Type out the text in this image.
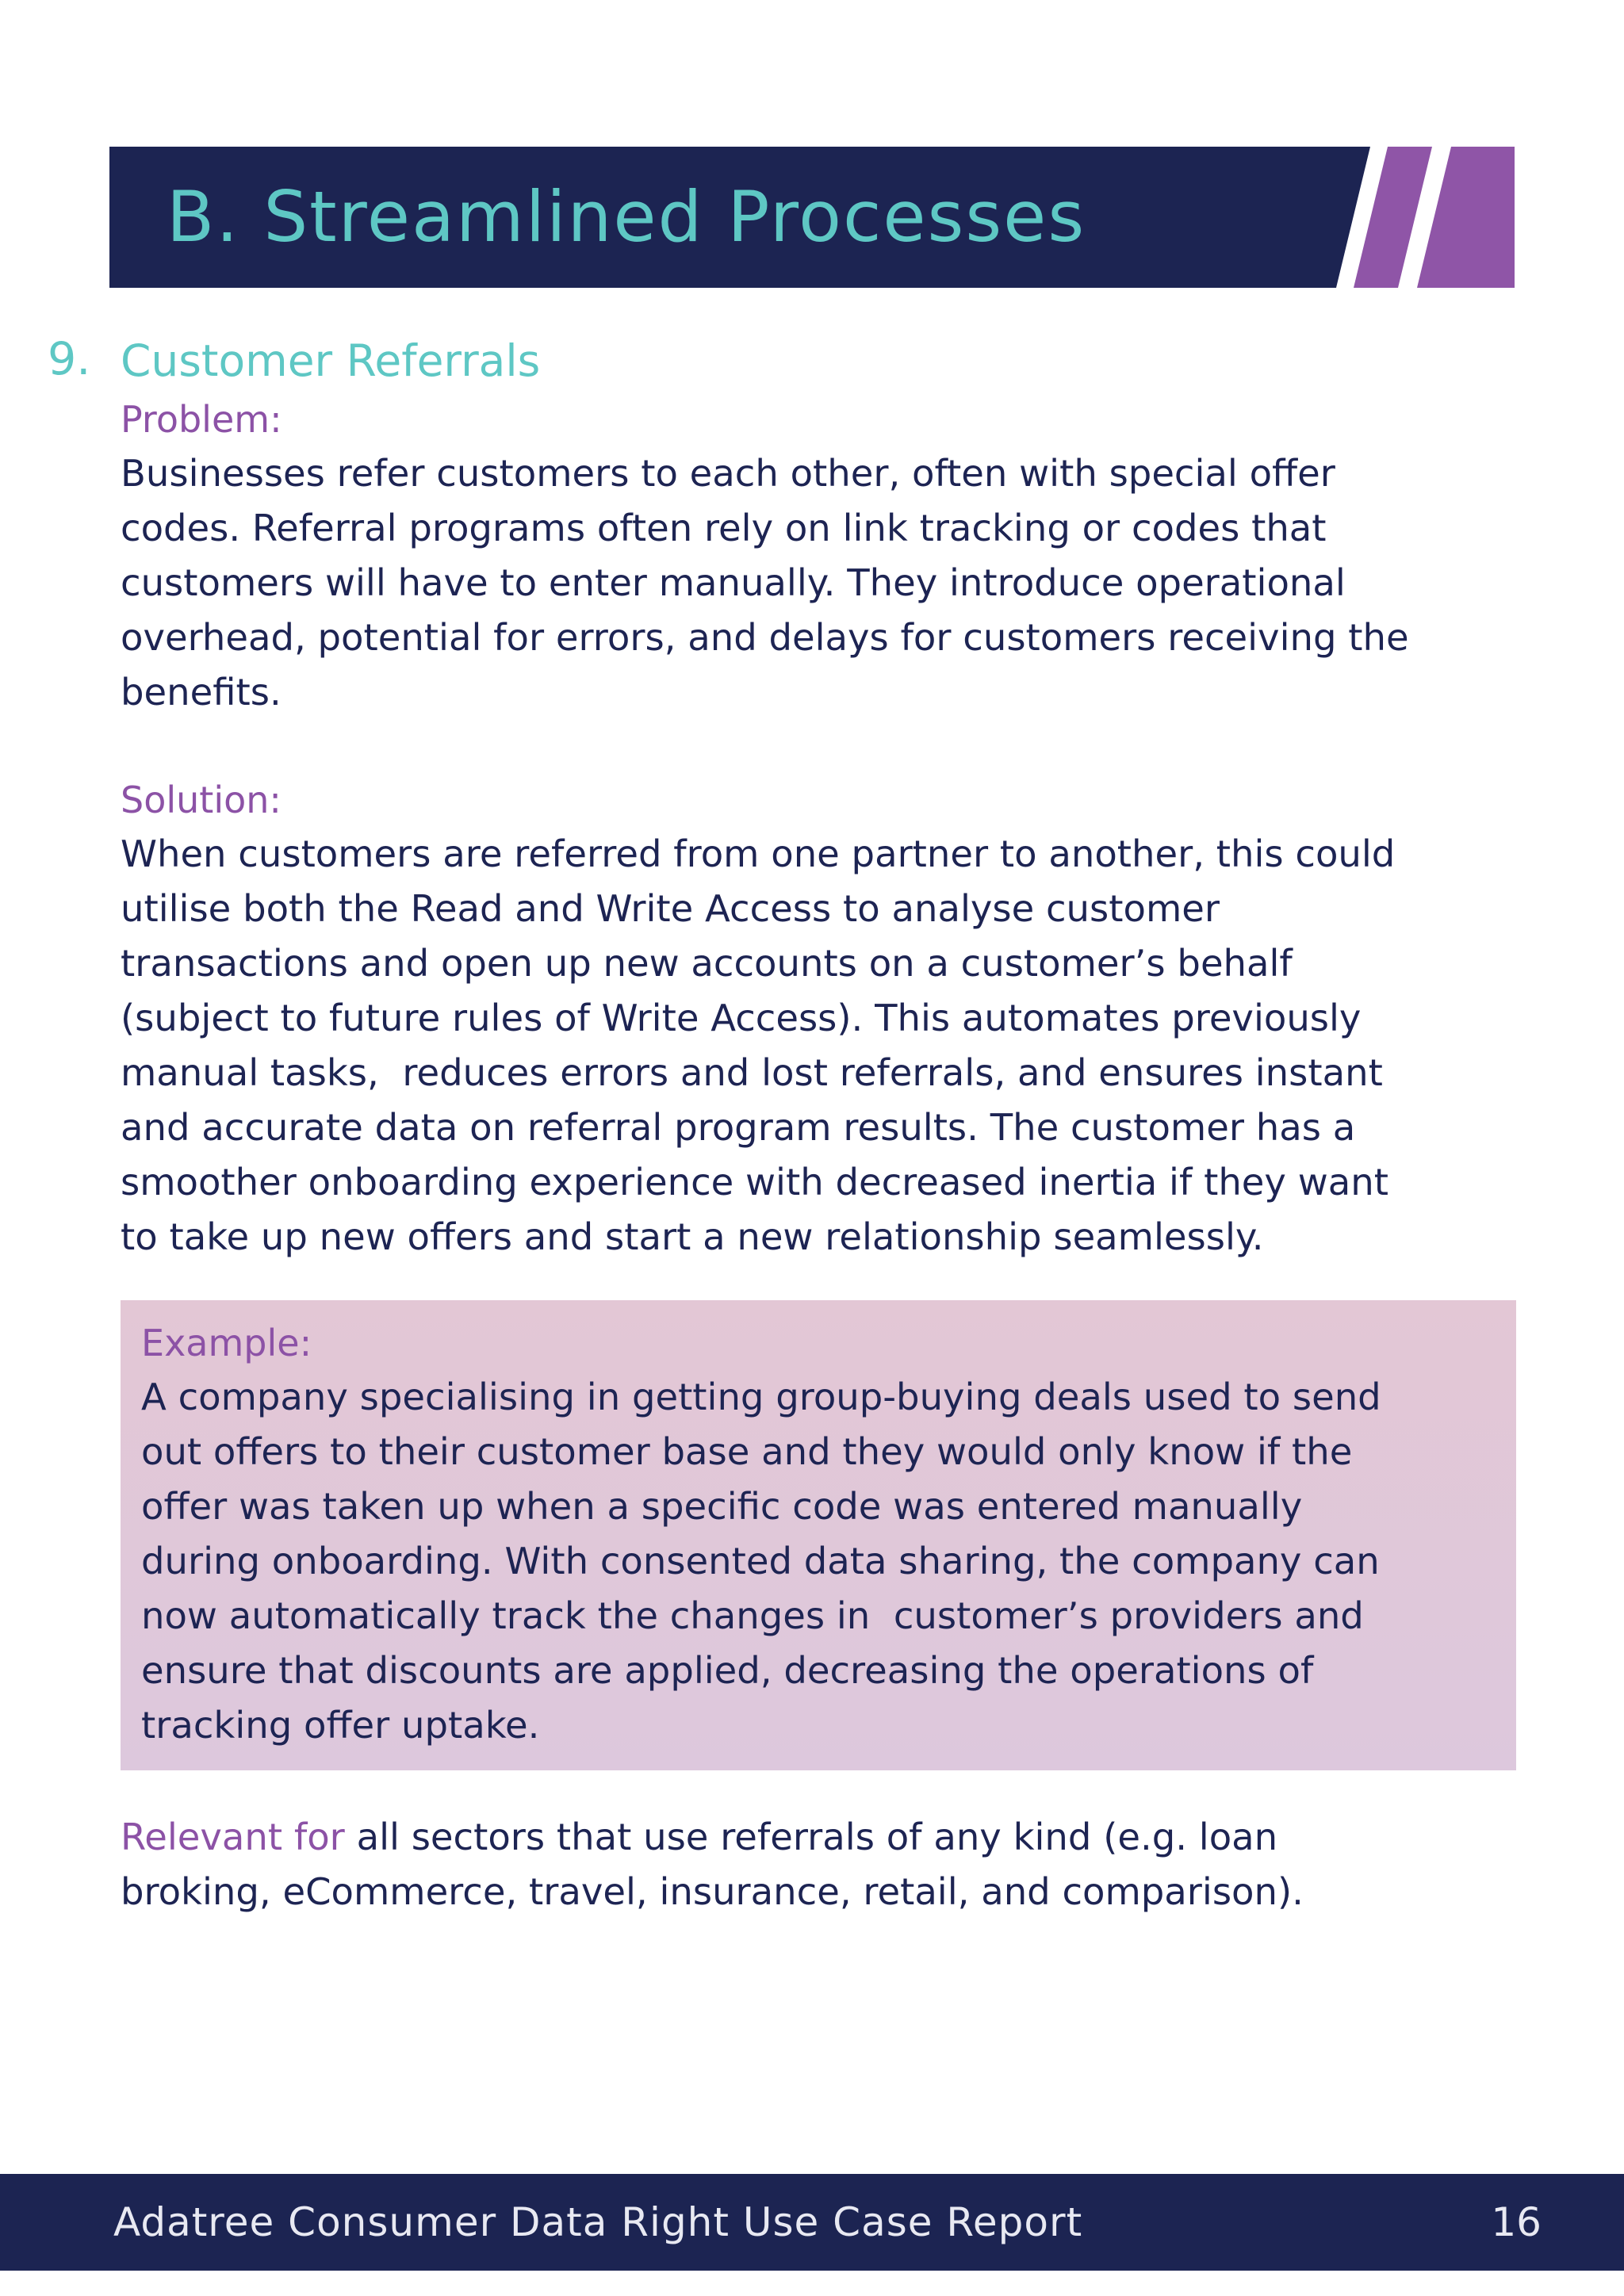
B. Streamlined Processes
9. Customer Referrals
Problem:
Businesses refer customers to each other, often with special offer
codes. Referral programs often rely on link tracking or codes that
customers will have to enter manually. They introduce operational
overhead, potential for errors, and delays for customers receiving the
benefits.
Solution:
When customers are referred from one partner to another, this could
utilise both the Read and Write Access to analyse customer
transactions and open up new accounts on a customer’s behalf
(subject to future rules of Write Access). This automates previously
manual tasks,  reduces errors and lost referrals, and ensures instant
and accurate data on referral program results. The customer has a
smoother onboarding experience with decreased inertia if they want
to take up new offers and start a new relationship seamlessly.
Example:
A company specialising in getting group-buying deals used to send
out offers to their customer base and they would only know if the
offer was taken up when a specific code was entered manually
during onboarding. With consented data sharing, the company can
now automatically track the changes in  customer’s providers and
ensure that discounts are applied, decreasing the operations of
tracking offer uptake.
Relevant for all sectors that use referrals of any kind (e.g. loan
broking, eCommerce, travel, insurance, retail, and comparison).
Adatree Consumer Data Right Use Case Report	16
